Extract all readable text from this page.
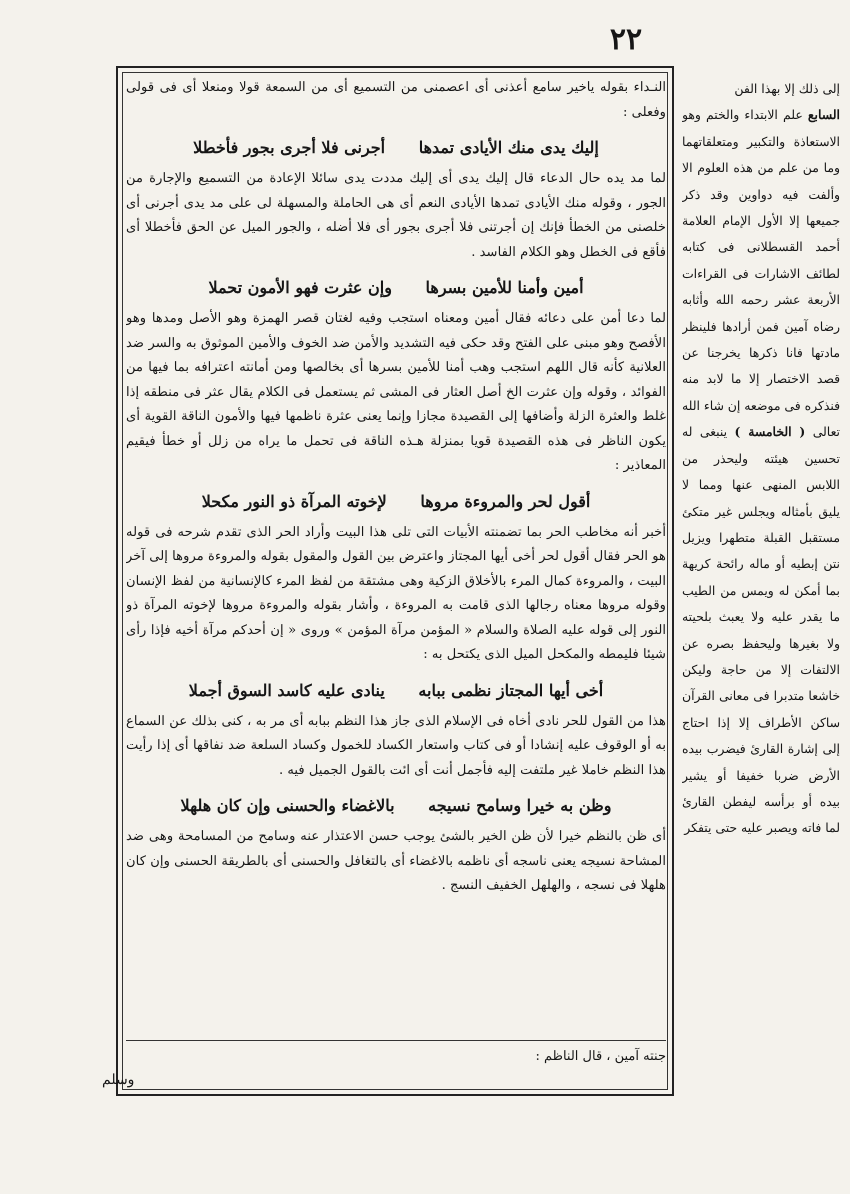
٢٢

النـداء بقوله ياخير سامع أعذنى أى اعصمنى من التسميع أى من السمعة قولا ومنعلا أى فى قولى وفعلى :

إليك يدى منك الأيادى تمدها أجرنى فلا أجرى بجور فأخطلا

لما مد يده حال الدعاء قال إليك يدى أى إليك مددت يدى سائلا الإعادة من التسميع والإجارة من الجور ، وقوله منك الأيادى تمدها الأيادى النعم أى هى الحاملة والمسهلة لى على مد يدى أجرنى أى خلصنى من الخطأ فإنك إن أجرتنى فلا أجرى بجور أى فلا أضله ، والجور الميل عن الحق فأخطلا أى فأقع فى الخطل وهو الكلام الفاسد .

أمين وأمنا للأمين بسرها وإن عثرت فهو الأمون تحملا

لما دعا أمن على دعائه فقال أمين ومعناه استجب وفيه لغتان قصر الهمزة وهو الأصل ومدها وهو الأفصح وهو مبنى على الفتح وقد حكى فيه التشديد والأمن ضد الخوف والأمين الموثوق به والسر ضد العلانية كأنه قال اللهم استجب وهب أمنا للأمين بسرها أى بخالصها ومن أمانته اعترافه بما فيها من الفوائد ، وقوله وإن عثرت الخ أصل العثار فى المشى ثم يستعمل فى الكلام يقال عثر فى منطقه إذا غلط والعثرة الزلة وأضافها إلى القصيدة مجازا وإنما يعنى عثرة ناظمها فيها والأمون الناقة القوية أى يكون الناظر فى هذه القصيدة قويا بمنزلة هـذه الناقة فى تحمل ما يراه من زلل أو خطأ فيقيم المعاذير :

أقول لحر والمروءة مروها لإخوته المرآة ذو النور مكحلا

أخبر أنه مخاطب الحر بما تضمنته الأبيات التى تلى هذا البيت وأراد الحر الذى تقدم شرحه فى قوله هو الحر فقال أقول لحر أخى أيها المجتاز واعترض بين القول والمقول بقوله والمروءة مروها إلى آخر البيت ، والمروءة كمال المرء بالأخلاق الزكية وهى مشتقة من لفظ المرء كالإنسانية من لفظ الإنسان وقوله مروها معناه رجالها الذى قامت به المروءة ، وأشار بقوله والمروءة مروها لإخوته المرآة ذو النور إلى قوله عليه الصلاة والسلام « المؤمن مرآة المؤمن » وروى « إن أحدكم مرآة أخيه فإذا رأى شيئا فليمطه والمكحل الميل الذى يكتحل به :

أخى أيها المجتاز نظمى ببابه ينادى عليه كاسد السوق أجملا

هذا من القول للحر نادى أخاه فى الإسلام الذى جاز هذا النظم ببابه أى مر به ، كنى بذلك عن السماع به أو الوقوف عليه إنشادا أو فى كتاب واستعار الكساد للخمول وكساد السلعة ضد نفاقها أى إذا رأيت هذا النظم خاملا غير ملتفت إليه فأجمل أنت أى ائت بالقول الجميل فيه .

وظن به خيرا وسامح نسيجه بالاغضاء والحسنى وإن كان هلهلا

أى ظن بالنظم خيرا لأن ظن الخير بالشئ يوجب حسن الاعتذار عنه وسامح من المسامحة وهى ضد المشاحة نسيجه يعنى ناسجه أى ناظمه بالاغضاء أى بالتغافل والحسنى أى بالطريقة الحسنى وإن كان هلهلا فى نسجه ، والهلهل الخفيف النسج .

جنته آمين ، قال الناظم :
وسلم

إلى ذلك إلا بهذا الفن

السابع علم الابتداء والختم وهو الاستعاذة والتكبير ومتعلقاتهما وما من علم من هذه العلوم الا وألفت فيه دواوين وقد ذكر جميعها إلا الأول الإمام العلامة أحمد القسطلانى فى كتابه لطائف الاشارات فى القراءات الأربعة عشر رحمه الله وأثابه رضاه آمين فمن أرادها فلينظر مادتها فانا ذكرها يخرجنا عن قصد الاختصار إلا ما لابد منه فنذكره فى موضعه إن شاء الله تعالى ( الخامسة ) ينبغى له تحسين هيئته وليحذر من اللابس المنهى عنها ومما لا يليق بأمثاله ويجلس غير متكئ مستقبل القبلة متطهرا ويزيل نتن إبطيه أو ماله رائحة كريهة بما أمكن له ويمس من الطيب ما يقدر عليه ولا يعبث بلحيته ولا بغيرها وليحفظ بصره عن الالتفات إلا من حاجة وليكن خاشعا متدبرا فى معانى القرآن ساكن الأطراف إلا إذا احتاج إلى إشارة القارئ فيضرب بيده الأرض ضربا خفيفا أو يشير بيده أو برأسه ليفطن القارئ لما فاته ويصبر عليه حتى يتفكر
